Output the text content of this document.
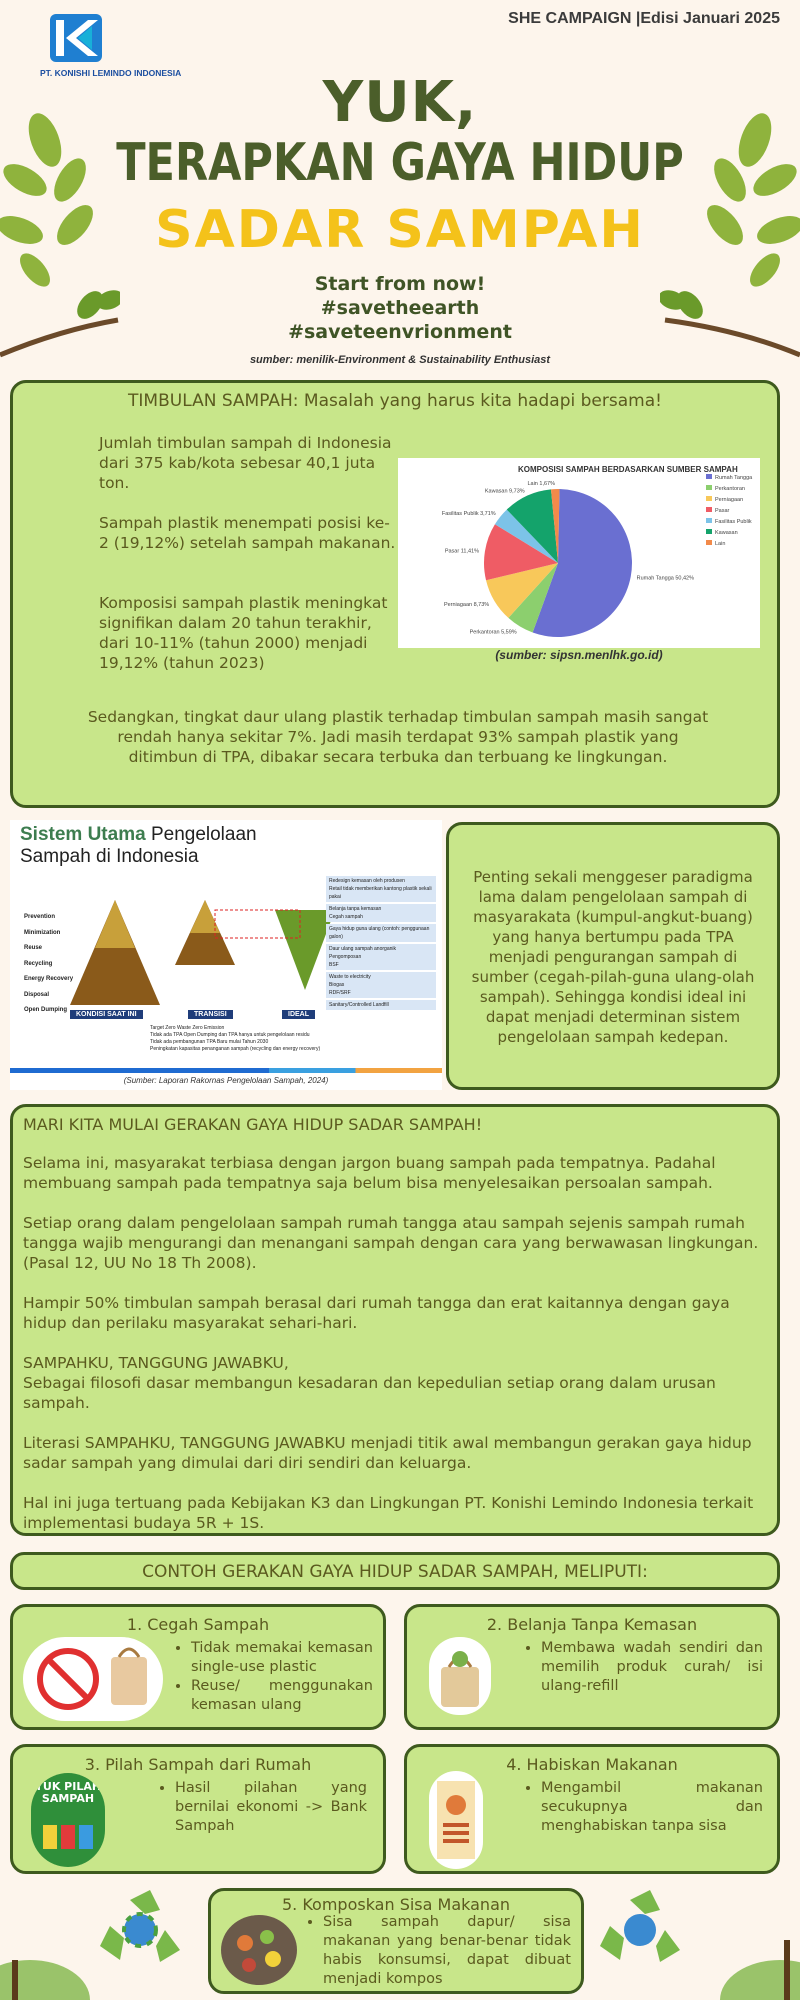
PT. KONISHI LEMINDO INDONESIA
SHE CAMPAIGN |Edisi Januari 2025
YUK,
TERAPKAN GAYA HIDUP
SADAR SAMPAH
Start from now!
#savetheearth
#saveteenvrionment
sumber: menilik-Environment & Sustainability Enthusiast
TIMBULAN SAMPAH: Masalah yang harus kita hadapi bersama!
Jumlah timbulan sampah di Indonesia dari 375 kab/kota sebesar 40,1 juta ton.
Sampah plastik menempati posisi ke-2 (19,12%) setelah sampah makanan.
Komposisi sampah plastik meningkat signifikan dalam 20 tahun terakhir, dari 10-11% (tahun 2000) menjadi 19,12% (tahun 2023)
Sedangkan, tingkat daur ulang plastik terhadap timbulan sampah masih sangat rendah hanya sekitar 7%. Jadi masih terdapat 93% sampah plastik yang ditimbun di TPA, dibakar secara terbuka dan terbuang ke lingkungan.
KOMPOSISI SAMPAH BERDASARKAN SUMBER SAMPAH
Rumah Tangga 50,42%
Perkantoran 5,59%
Perniagaan 8,73%
Pasar 11,41%
Fasilitas Publik 3,71%
Kawasan 9,73%
Lain 1,67%
Rumah Tangga
Perkantoran
Perniagaan
Pasar
Fasilitas Publik
Kawasan
Lain
(sumber: sipsn.menlhk.go.id)
Sistem Utama Pengelolaan
Sampah di Indonesia
Prevention
Minimization
Reuse
Recycling
Energy Recovery
Disposal
Open Dumping
KONDISI SAAT INI	TRANSISI	IDEAL
Redesign kemasan oleh produsen
Retail tidak memberikan kantong plastik sekali pakai
Belanja tanpa kemasan
Cegah sampah
Gaya hidup guna ulang (contoh: penggunaan galon)
Daur ulang sampah anorganik
Pengomposan
BSF
Waste to electricity
Biogas
RDF/SRF
Sanitary/Controlled Landfill
Target Zero Waste Zero Emission
Tidak ada TPA Open Dumping dan TPA hanya untuk pengelolaan residu
Tidak ada pembangunan TPA Baru mulai Tahun 2030
Peningkatan kapasitas penanganan sampah (recycling dan energy recovery)
(Sumber: Laporan Rakornas Pengelolaan Sampah, 2024)
Penting sekali menggeser paradigma lama dalam pengelolaan sampah di masyarakata (kumpul-angkut-buang) yang hanya bertumpu pada TPA menjadi pengurangan sampah di sumber (cegah-pilah-guna ulang-olah sampah). Sehingga kondisi ideal ini dapat menjadi determinan sistem pengelolaan sampah kedepan.
MARI KITA MULAI GERAKAN GAYA HIDUP SADAR SAMPAH!
Selama ini, masyarakat terbiasa dengan jargon buang sampah pada tempatnya. Padahal membuang sampah pada tempatnya saja belum bisa menyelesaikan persoalan sampah.
Setiap orang dalam pengelolaan sampah rumah tangga atau sampah sejenis sampah rumah tangga wajib mengurangi dan menangani sampah dengan cara yang berwawasan lingkungan. (Pasal 12, UU No 18 Th 2008).
Hampir 50% timbulan sampah berasal dari rumah tangga dan erat kaitannya dengan gaya hidup dan perilaku masyarakat sehari-hari.
SAMPAHKU, TANGGUNG JAWABKU,
Sebagai filosofi dasar membangun kesadaran dan kepedulian setiap orang dalam urusan sampah.
Literasi SAMPAHKU, TANGGUNG JAWABKU menjadi titik awal membangun gerakan gaya hidup sadar sampah yang dimulai dari diri sendiri dan keluarga.
Hal ini juga tertuang pada Kebijakan K3 dan Lingkungan PT. Konishi Lemindo Indonesia terkait implementasi budaya 5R + 1S.
CONTOH GERAKAN GAYA HIDUP SADAR SAMPAH, MELIPUTI:
1. Cegah Sampah
• Tidak memakai kemasan single-use plastic
• Reuse/ menggunakan kemasan ulang
2. Belanja Tanpa Kemasan
• Membawa wadah sendiri dan memilih produk curah/ isi ulang-refill
3. Pilah Sampah dari Rumah
YUK PILAH SAMPAH
• Hasil pilahan yang bernilai ekonomi -> Bank Sampah
4. Habiskan Makanan
• Mengambil makanan secukupnya dan menghabiskan tanpa sisa
5. Komposkan Sisa Makanan
• Sisa sampah dapur/ sisa makanan yang benar-benar tidak habis konsumsi, dapat dibuat menjadi kompos
